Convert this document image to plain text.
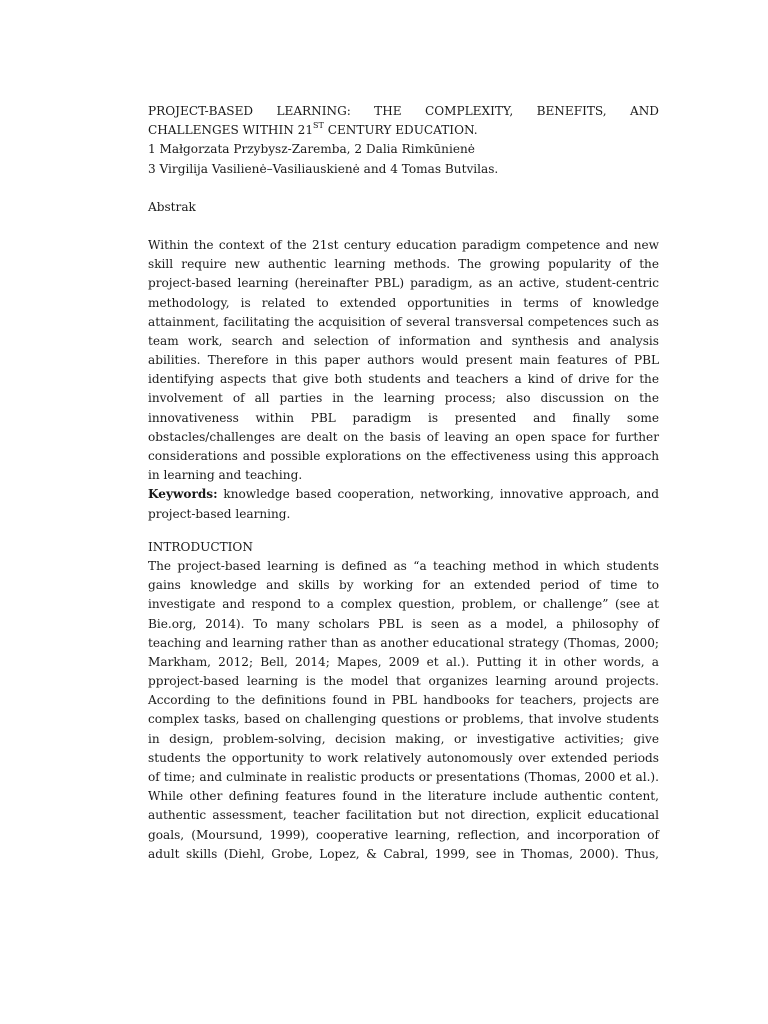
PROJECT-BASED LEARNING: THE COMPLEXITY, BENEFITS, AND
CHALLENGES WITHIN 21ST CENTURY EDUCATION.
1 Małgorzata Przybysz-Zaremba, 2 Dalia Rimkūnienė
3 Virgilija Vasilienė–Vasiliauskienė and 4 Tomas Butvilas.
Abstrak
Within the context of the 21st century education paradigm competence and new
skill require new authentic learning methods. The growing popularity of the
project-based learning (hereinafter PBL) paradigm, as an active, student-centric
methodology, is related to extended opportunities in terms of knowledge
attainment, facilitating the acquisition of several transversal competences such as
team work, search and selection of information and synthesis and analysis
abilities. Therefore in this paper authors would present main features of PBL
identifying aspects that give both students and teachers a kind of drive for the
involvement of all parties in the learning process; also discussion on the
innovativeness within PBL paradigm is presented and finally some
obstacles/challenges are dealt on the basis of leaving an open space for further
considerations and possible explorations on the effectiveness using this approach
in learning and teaching.
Keywords: knowledge based cooperation, networking, innovative approach, and
project-based learning.
INTRODUCTION
The project-based learning is defined as “a teaching method in which students
gains knowledge and skills by working for an extended period of time to
investigate and respond to a complex question, problem, or challenge” (see at
Bie.org, 2014). To many scholars PBL is seen as a model, a philosophy of
teaching and learning rather than as another educational strategy (Thomas, 2000;
Markham, 2012; Bell, 2014; Mapes, 2009 et al.). Putting it in other words, a
pproject-based learning is the model that organizes learning around projects.
According to the definitions found in PBL handbooks for teachers, projects are
complex tasks, based on challenging questions or problems, that involve students
in design, problem-solving, decision making, or investigative activities; give
students the opportunity to work relatively autonomously over extended periods
of time; and culminate in realistic products or presentations (Thomas, 2000 et al.).
While other defining features found in the literature include authentic content,
authentic assessment, teacher facilitation but not direction, explicit educational
goals, (Moursund, 1999), cooperative learning, reflection, and incorporation of
adult skills (Diehl, Grobe, Lopez, & Cabral, 1999, see in Thomas, 2000). Thus,
